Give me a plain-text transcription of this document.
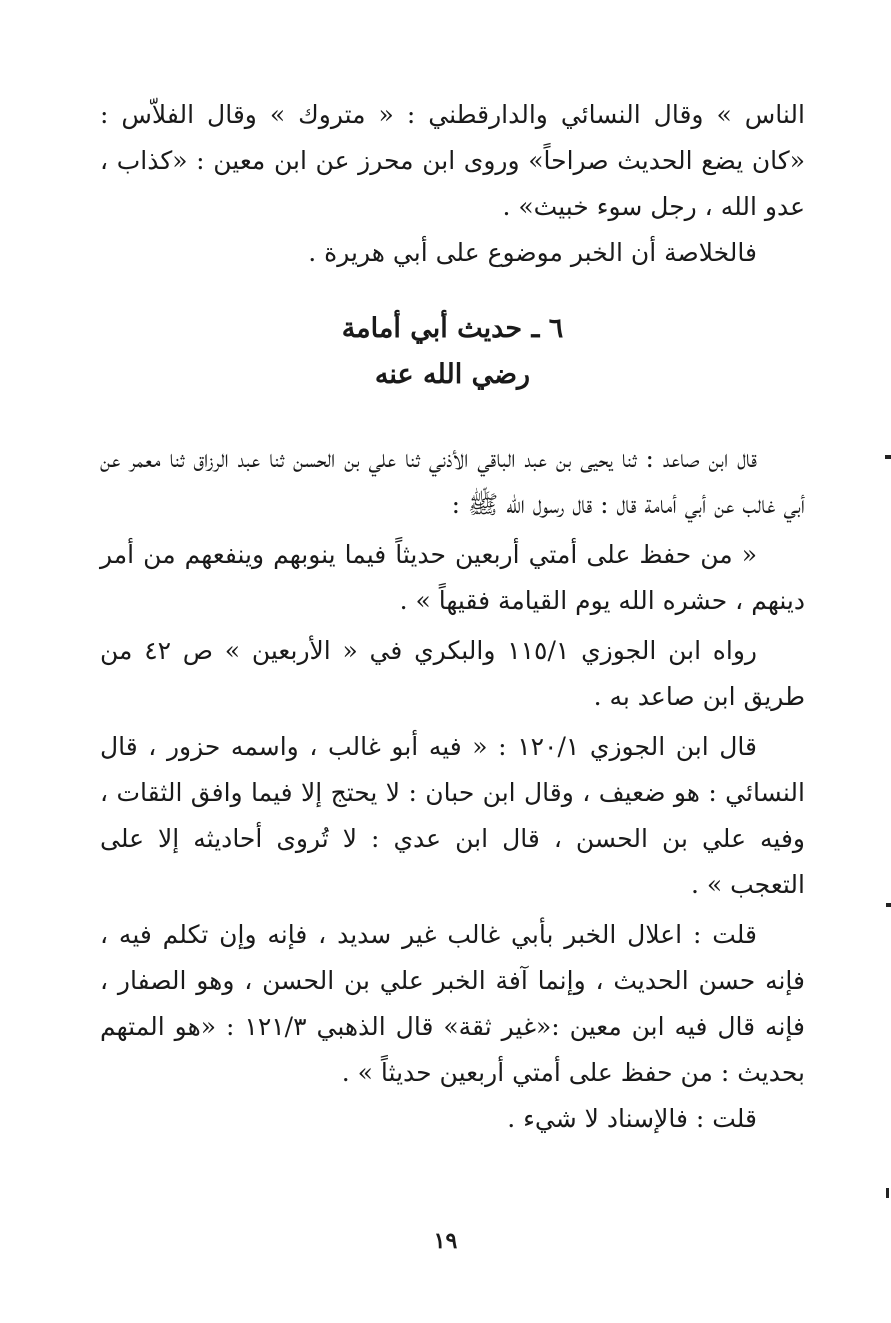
الناس » وقال النسائي والدارقطني : « متروك » وقال الفلاّس : «كان يضع الحديث صراحاً» وروى ابن محرز عن ابن معين : «كذاب ، عدو الله ، رجل سوء خبيث» .

فالخلاصة أن الخبر موضوع على أبي هريرة .

٦ ـ حديث أبي أمامة

رضي الله عنه

قال ابن صاعد : ثنا يحيى بن عبد الباقي الأذني ثنا علي بن الحسن ثنا عبد الرزاق ثنا معمر عن أبي غالب عن أبي أمامة قال : قال رسول الله ﷺ :

« من حفظ على أمتي أربعين حديثاً فيما ينوبهم وينفعهم من أمر دينهم ، حشره الله يوم القيامة فقيهاً » .

رواه ابن الجوزي ١١٥/١ والبكري في « الأربعين » ص ٤٢ من طريق ابن صاعد به .

قال ابن الجوزي ١٢٠/١ : « فيه أبو غالب ، واسمه حزور ، قال النسائي : هو ضعيف ، وقال ابن حبان : لا يحتج إلا فيما وافق الثقات ، وفيه علي بن الحسن ، قال ابن عدي : لا تُروى أحاديثه إلا على التعجب » .

قلت : اعلال الخبر بأبي غالب غير سديد ، فإنه وإن تكلم فيه ، فإنه حسن الحديث ، وإنما آفة الخبر علي بن الحسن ، وهو الصفار ، فإنه قال فيه ابن معين :«غير ثقة» قال الذهبي ١٢١/٣ : «هو المتهم بحديث : من حفظ على أمتي أربعين حديثاً » .

قلت : فالإسناد لا شيء .

١٩
